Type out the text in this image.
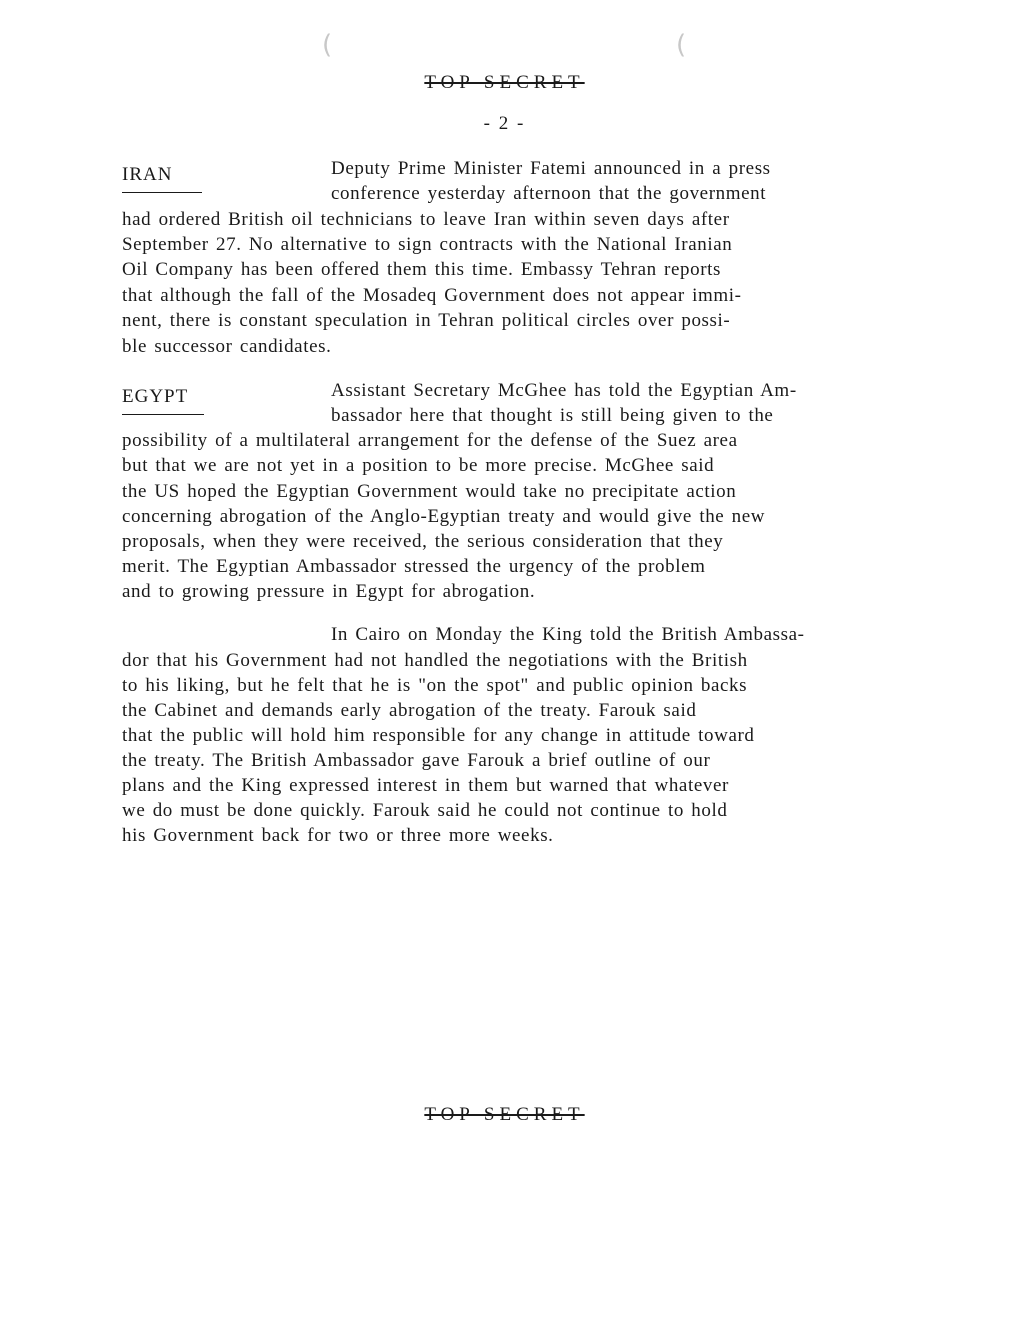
(	(
TOP SECRET
- 2 -
IRAN	Deputy Prime Minister Fatemi announced in a press
conference yesterday afternoon that the government
had ordered British oil technicians to leave Iran within seven days after
September 27. No alternative to sign contracts with the National Iranian
Oil Company has been offered them this time. Embassy Tehran reports
that although the fall of the Mosadeq Government does not appear immi-
nent, there is constant speculation in Tehran political circles over possi-
ble successor candidates.
EGYPT	Assistant Secretary McGhee has told the Egyptian Am-
bassador here that thought is still being given to the
possibility of a multilateral arrangement for the defense of the Suez area
but that we are not yet in a position to be more precise. McGhee said
the US hoped the Egyptian Government would take no precipitate action
concerning abrogation of the Anglo-Egyptian treaty and would give the new
proposals, when they were received, the serious consideration that they
merit. The Egyptian Ambassador stressed the urgency of the problem
and to growing pressure in Egypt for abrogation.
In Cairo on Monday the King told the British Ambassa-
dor that his Government had not handled the negotiations with the British
to his liking, but he felt that he is "on the spot" and public opinion backs
the Cabinet and demands early abrogation of the treaty. Farouk said
that the public will hold him responsible for any change in attitude toward
the treaty. The British Ambassador gave Farouk a brief outline of our
plans and the King expressed interest in them but warned that whatever
we do must be done quickly. Farouk said he could not continue to hold
his Government back for two or three more weeks.
TOP SECRET
